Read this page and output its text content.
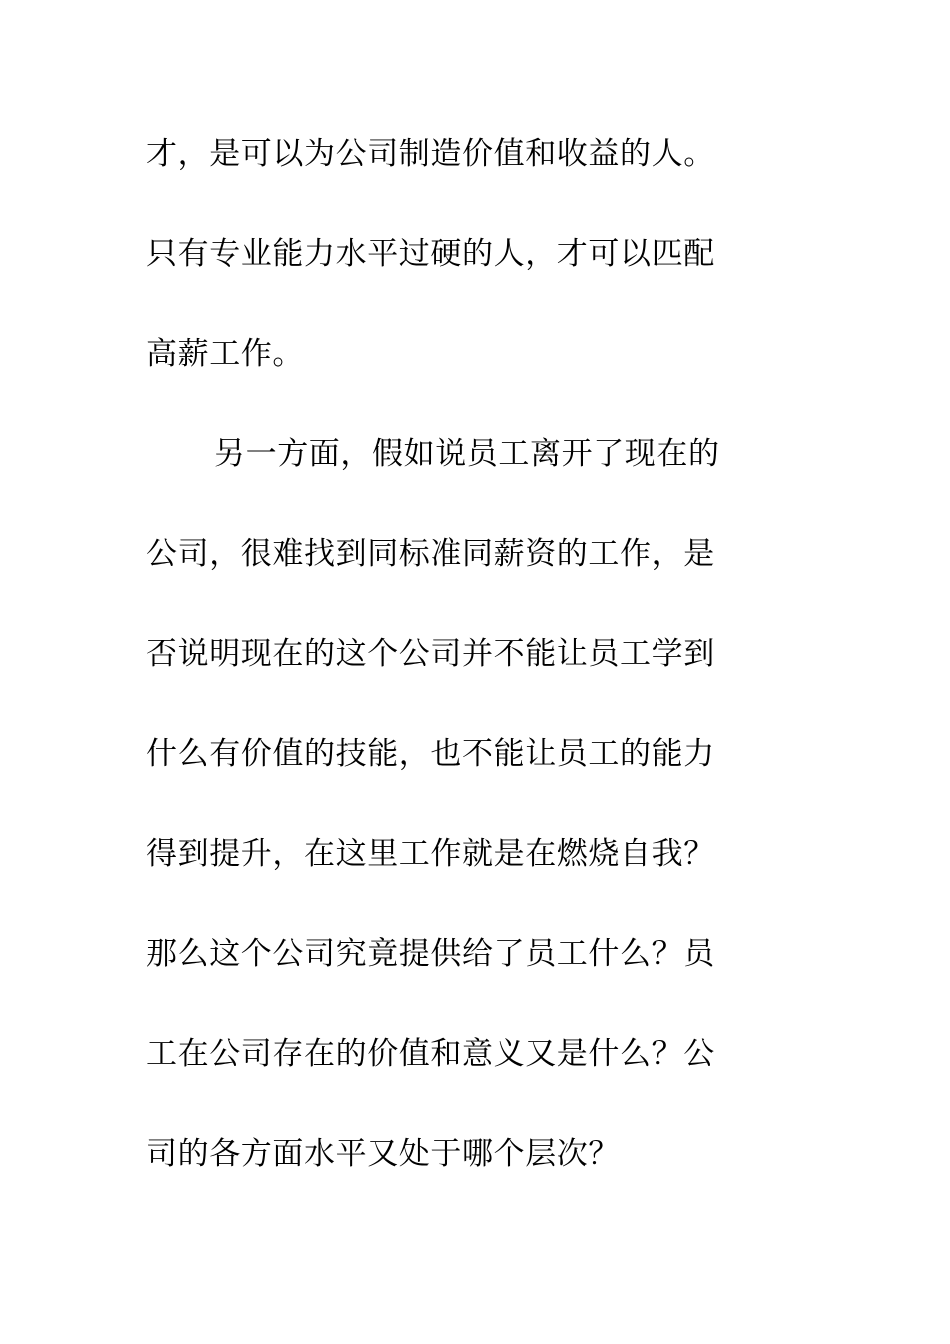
才，是可以为公司制造价值和收益的人。
只有专业能力水平过硬的人，才可以匹配
高薪工作。
另一方面，假如说员工离开了现在的
公司，很难找到同标准同薪资的工作，是
否说明现在的这个公司并不能让员工学到
什么有价值的技能，也不能让员工的能力
得到提升，在这里工作就是在燃烧自我？
那么这个公司究竟提供给了员工什么？员
工在公司存在的价值和意义又是什么？公
司的各方面水平又处于哪个层次？
